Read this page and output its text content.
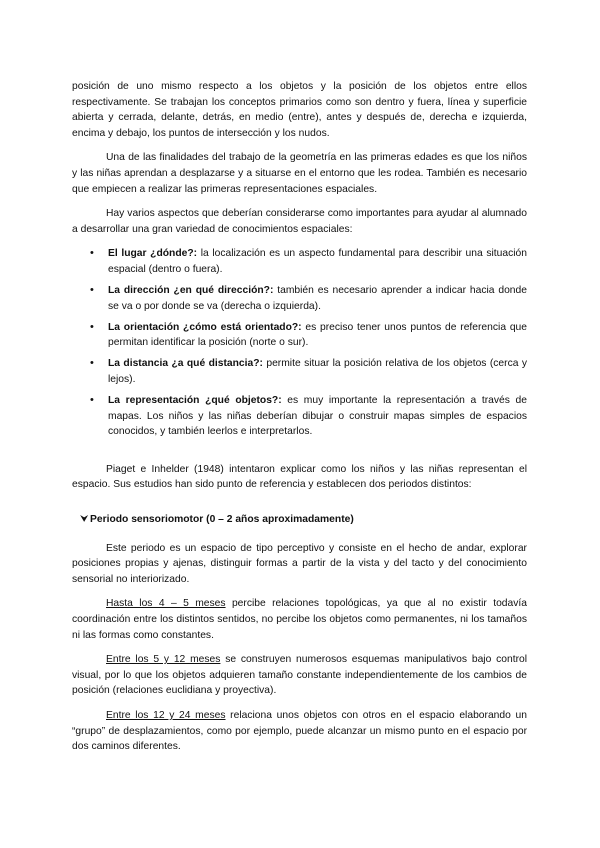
posición de uno mismo respecto a los objetos y la posición de los objetos entre ellos respectivamente. Se trabajan los conceptos primarios como son dentro y fuera, línea y superficie abierta y cerrada, delante, detrás, en medio (entre), antes y después de, derecha e izquierda, encima y debajo, los puntos de intersección y los nudos.

Una de las finalidades del trabajo de la geometría en las primeras edades es que los niños y las niñas aprendan a desplazarse y a situarse en el entorno que les rodea. También es necesario que empiecen a realizar las primeras representaciones espaciales.

Hay varios aspectos que deberían considerarse como importantes para ayudar al alumnado a desarrollar una gran variedad de conocimientos espaciales:

• El lugar ¿dónde?: la localización es un aspecto fundamental para describir una situación espacial (dentro o fuera).
• La dirección ¿en qué dirección?: también es necesario aprender a indicar hacia donde se va o por donde se va (derecha o izquierda).
• La orientación ¿cómo está orientado?: es preciso tener unos puntos de referencia que permitan identificar la posición (norte o sur).
• La distancia ¿a qué distancia?: permite situar la posición relativa de los objetos (cerca y lejos).
• La representación ¿qué objetos?: es muy importante la representación a través de mapas. Los niños y las niñas deberían dibujar o construir mapas simples de espacios conocidos, y también leerlos e interpretarlos.

Piaget e Inhelder (1948) intentaron explicar como los niños y las niñas representan el espacio. Sus estudios han sido punto de referencia y establecen dos periodos distintos:

⮟ Periodo sensoriomotor (0 – 2 años aproximadamente)

Este periodo es un espacio de tipo perceptivo y consiste en el hecho de andar, explorar posiciones propias y ajenas, distinguir formas a partir de la vista y del tacto y del conocimiento sensorial no interiorizado.

Hasta los 4 – 5 meses percibe relaciones topológicas, ya que al no existir todavía coordinación entre los distintos sentidos, no percibe los objetos como permanentes, ni los tamaños ni las formas como constantes.

Entre los 5 y 12 meses se construyen numerosos esquemas manipulativos bajo control visual, por lo que los objetos adquieren tamaño constante independientemente de los cambios de posición (relaciones euclidiana y proyectiva).

Entre los 12 y 24 meses relaciona unos objetos con otros en el espacio elaborando un “grupo” de desplazamientos, como por ejemplo, puede alcanzar un mismo punto en el espacio por dos caminos diferentes.
